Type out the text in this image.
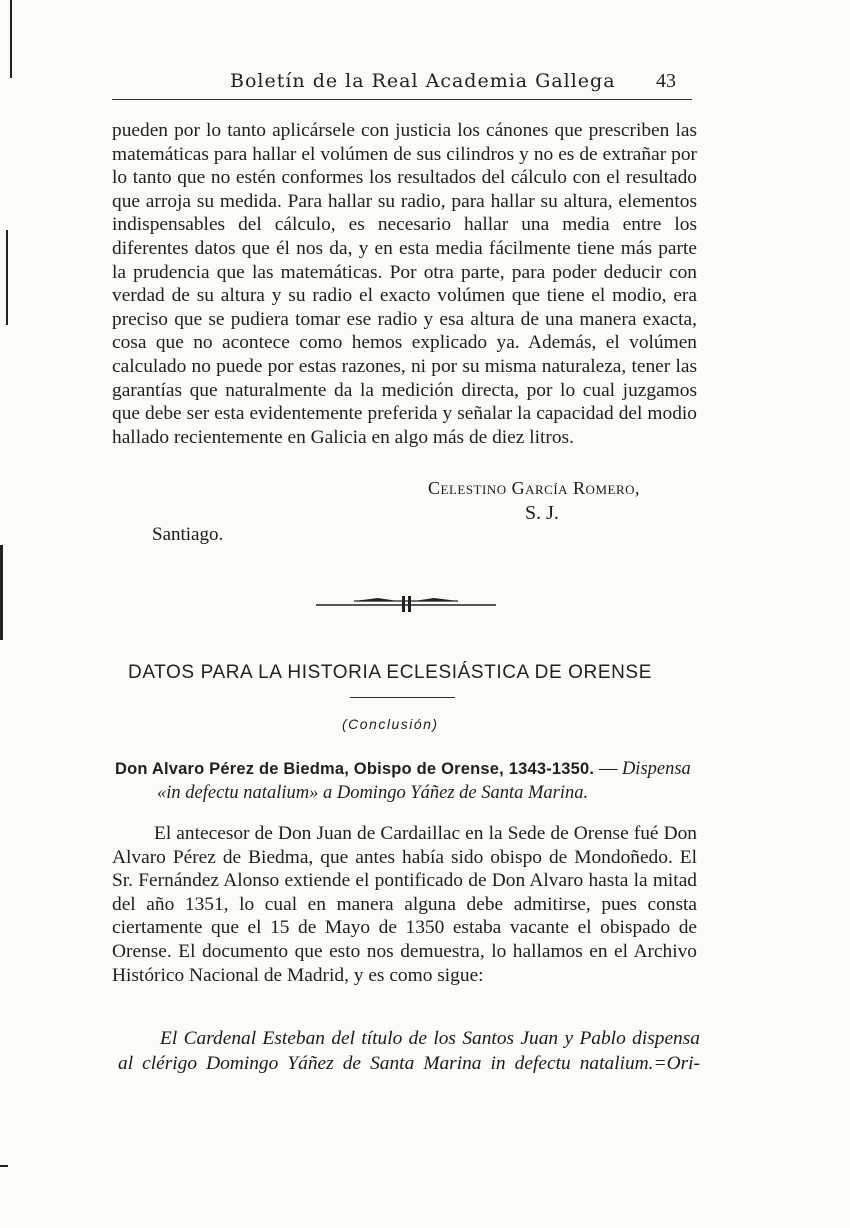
Boletín de la Real Academia Gallega 43

pueden por lo tanto aplicársele con justicia los cánones que prescriben las matemáticas para hallar el volúmen de sus cilindros y no es de extrañar por lo tanto que no estén conformes los resultados del cálculo con el resultado que arroja su medida. Para hallar su radio, para hallar su altura, elementos indispensables del cálculo, es necesario hallar una media entre los diferentes datos que él nos da, y en esta media fácilmente tiene más parte la prudencia que las matemáticas. Por otra parte, para poder deducir con verdad de su altura y su radio el exacto volúmen que tiene el modio, era preciso que se pudiera tomar ese radio y esa altura de una manera exacta, cosa que no acontece como hemos explicado ya. Además, el volúmen calculado no puede por estas razones, ni por su misma naturaleza, tener las garantías que naturalmente da la medición directa, por lo cual juzgamos que debe ser esta evidentemente preferida y señalar la capacidad del modio hallado recientemente en Galicia en algo más de diez litros.

Celestino García Romero,
S. J.
Santiago.
DATOS PARA LA HISTORIA ECLESIÁSTICA DE ORENSE
(Conclusión)
Don Alvaro Pérez de Biedma, Obispo de Orense, 1343-1350. — Dispensa
«in defectu natalium» a Domingo Yáñez de Santa Marina.

El antecesor de Don Juan de Cardaillac en la Sede de Orense fué Don Alvaro Pérez de Biedma, que antes había sido obispo de Mondoñedo. El Sr. Fernández Alonso extiende el pontificado de Don Alvaro hasta la mitad del año 1351, lo cual en manera alguna debe admitirse, pues consta ciertamente que el 15 de Mayo de 1350 estaba vacante el obispado de Orense. El documento que esto nos demuestra, lo hallamos en el Archivo Histórico Nacional de Madrid, y es como sigue:

El Cardenal Esteban del título de los Santos Juan y Pablo dispensa al clérigo Domingo Yáñez de Santa Marina in defectu natalium.=Ori-
